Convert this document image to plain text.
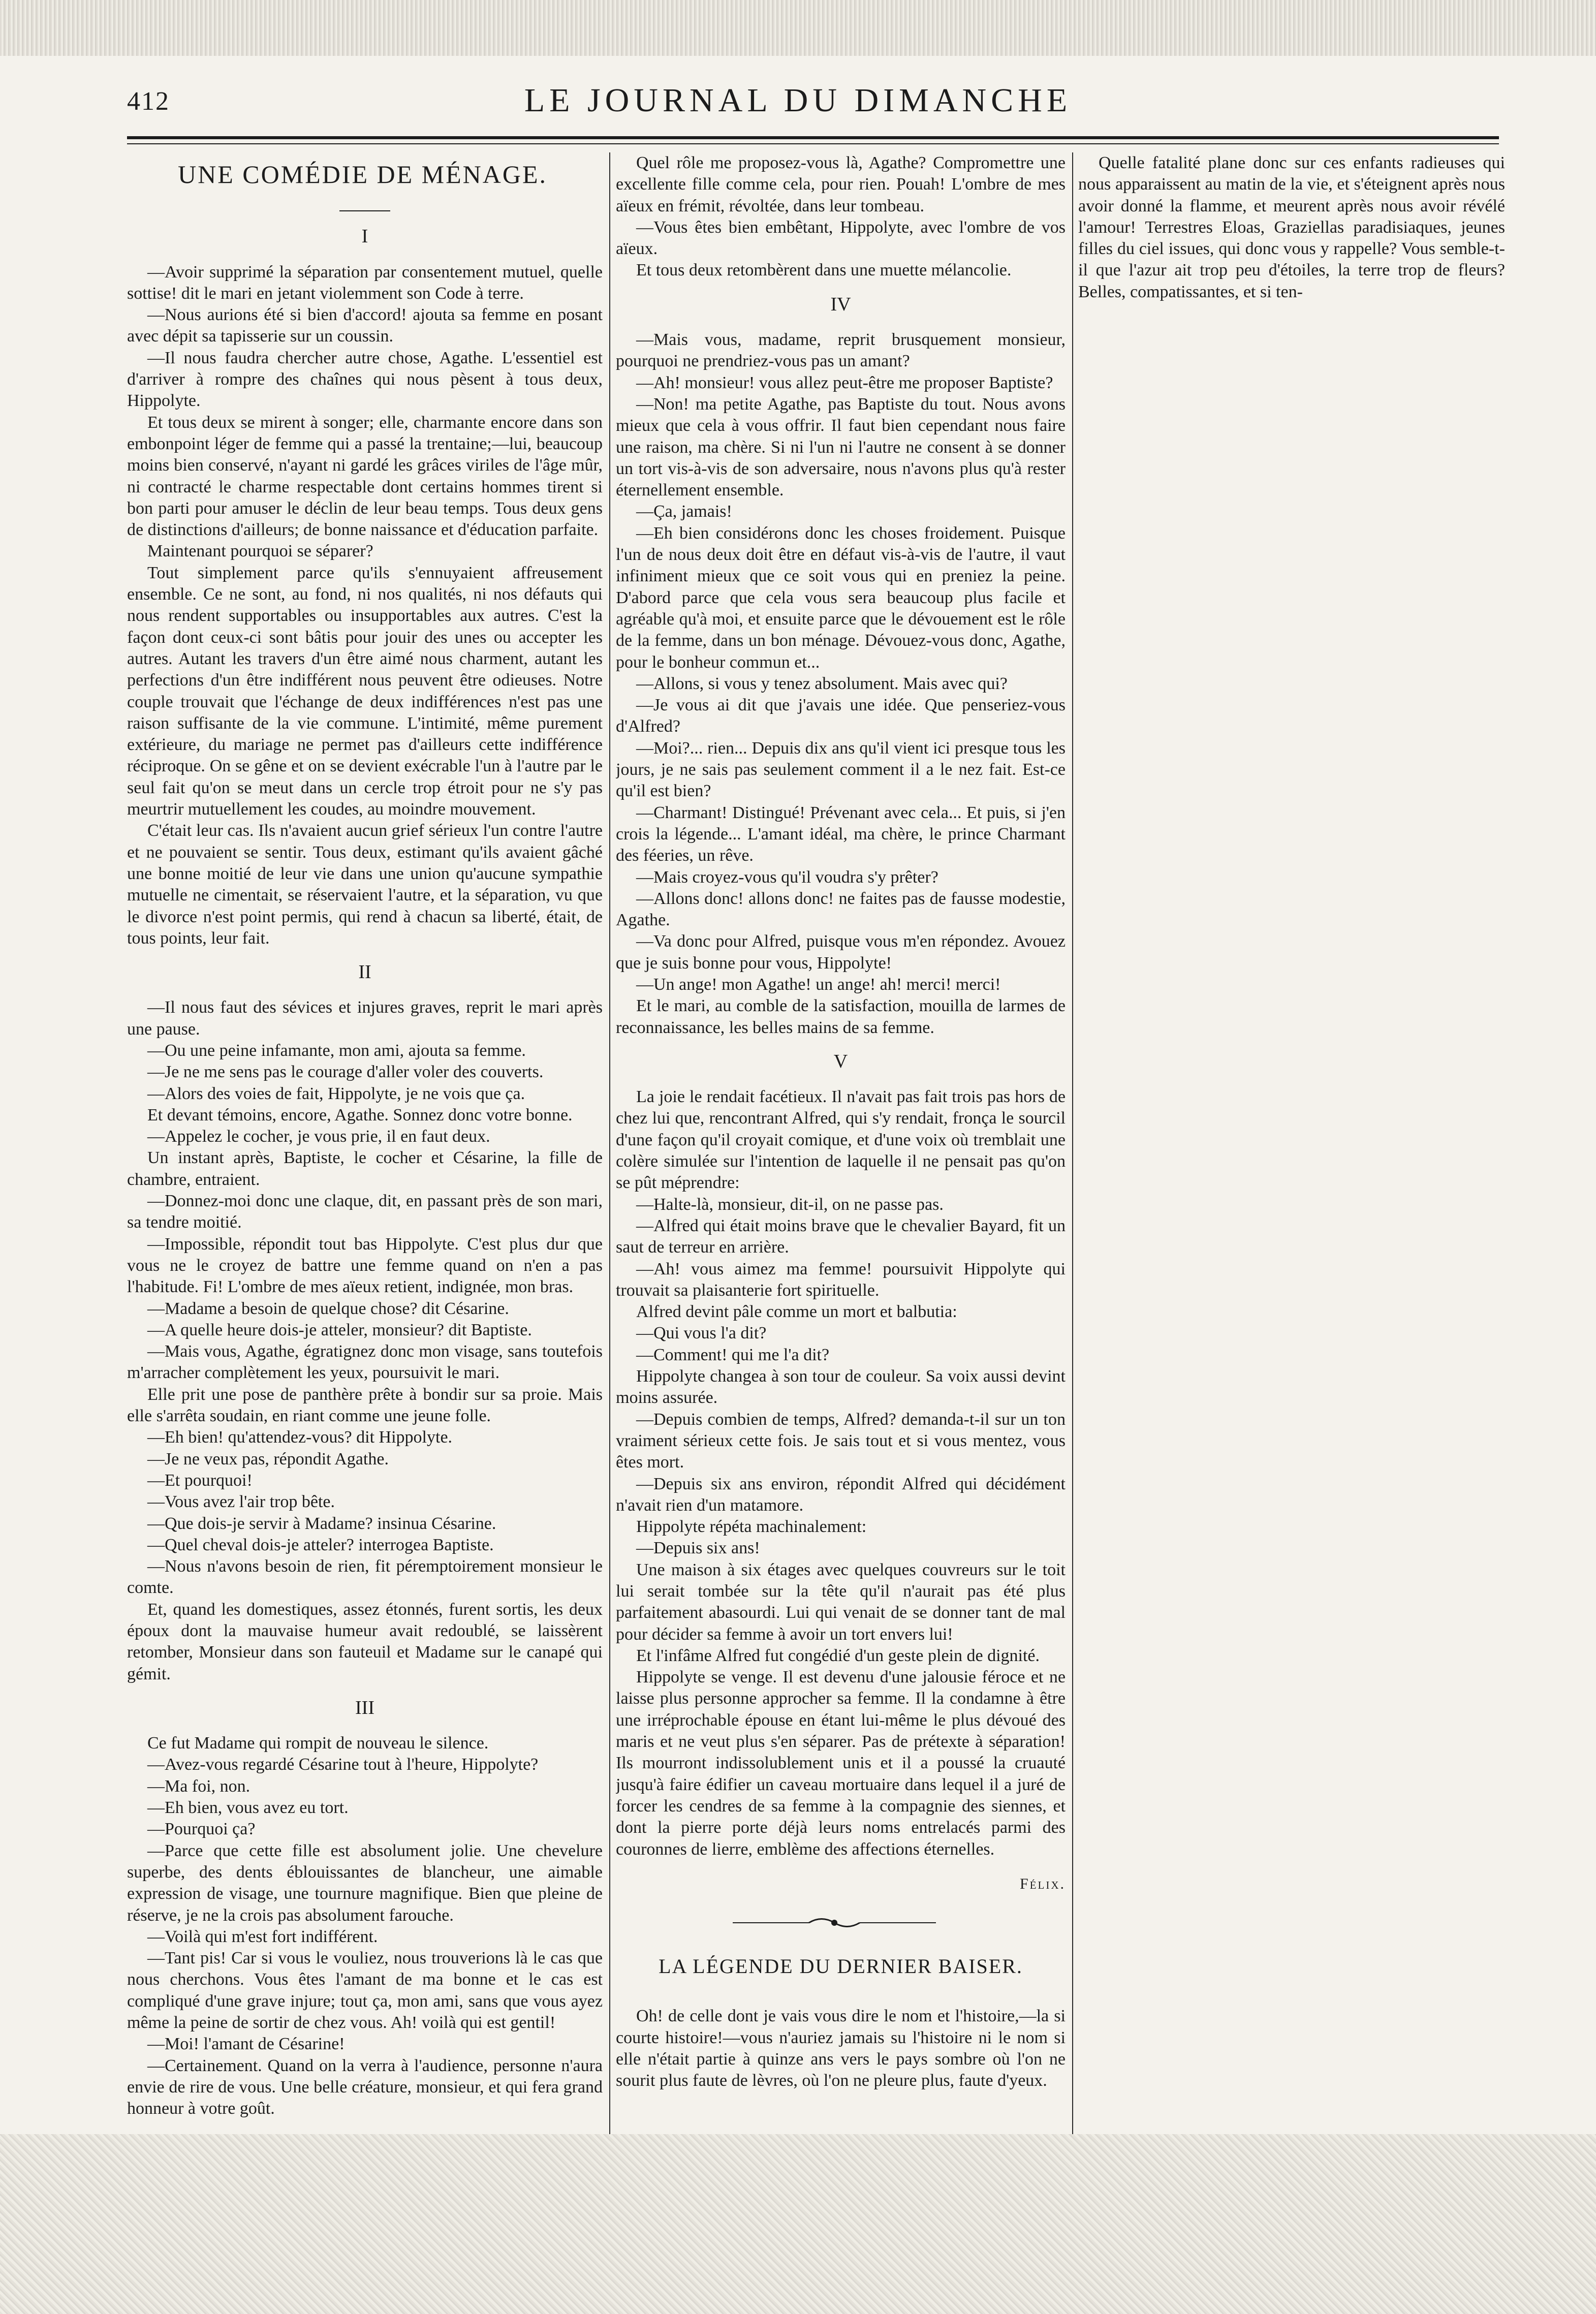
412	LE JOURNAL DU DIMANCHE
UNE COMÉDIE DE MÉNAGE.
I

—Avoir supprimé la séparation par consentement mutuel, quelle sottise! dit le mari en jetant violemment son Code à terre.

—Nous aurions été si bien d'accord! ajouta sa femme en posant avec dépit sa tapisserie sur un coussin.

—Il nous faudra chercher autre chose, Agathe. L'essentiel est d'arriver à rompre des chaînes qui nous pèsent à tous deux, Hippolyte.

Et tous deux se mirent à songer; elle, charmante encore dans son embonpoint léger de femme qui a passé la trentaine;—lui, beaucoup moins bien conservé, n'ayant ni gardé les grâces viriles de l'âge mûr, ni contracté le charme respectable dont certains hommes tirent si bon parti pour amuser le déclin de leur beau temps. Tous deux gens de distinctions d'ailleurs; de bonne naissance et d'éducation parfaite.

Maintenant pourquoi se séparer?

Tout simplement parce qu'ils s'ennuyaient affreusement ensemble. Ce ne sont, au fond, ni nos qualités, ni nos défauts qui nous rendent supportables ou insupportables aux autres. C'est la façon dont ceux-ci sont bâtis pour jouir des unes ou accepter les autres. Autant les travers d'un être aimé nous charment, autant les perfections d'un être indifférent nous peuvent être odieuses. Notre couple trouvait que l'échange de deux indifférences n'est pas une raison suffisante de la vie commune. L'intimité, même purement extérieure, du mariage ne permet pas d'ailleurs cette indifférence réciproque. On se gêne et on se devient exécrable l'un à l'autre par le seul fait qu'on se meut dans un cercle trop étroit pour ne s'y pas meurtrir mutuellement les coudes, au moindre mouvement.

C'était leur cas. Ils n'avaient aucun grief sérieux l'un contre l'autre et ne pouvaient se sentir. Tous deux, estimant qu'ils avaient gâché une bonne moitié de leur vie dans une union qu'aucune sympathie mutuelle ne cimentait, se réservaient l'autre, et la séparation, vu que le divorce n'est point permis, qui rend à chacun sa liberté, était, de tous points, leur fait.

II

—Il nous faut des sévices et injures graves, reprit le mari après une pause.

—Ou une peine infamante, mon ami, ajouta sa femme.

—Je ne me sens pas le courage d'aller voler des couverts.

—Alors des voies de fait, Hippolyte, je ne vois que ça.

Et devant témoins, encore, Agathe. Sonnez donc votre bonne.

—Appelez le cocher, je vous prie, il en faut deux.

Un instant après, Baptiste, le cocher et Césarine, la fille de chambre, entraient.

—Donnez-moi donc une claque, dit, en passant près de son mari, sa tendre moitié.

—Impossible, répondit tout bas Hippolyte. C'est plus dur que vous ne le croyez de battre une femme quand on n'en a pas l'habitude. Fi! L'ombre de mes aïeux retient, indignée, mon bras.

—Madame a besoin de quelque chose? dit Césarine.

—A quelle heure dois-je atteler, monsieur? dit Baptiste.

—Mais vous, Agathe, égratignez donc mon visage, sans toutefois m'arracher complètement les yeux, poursuivit le mari.

Elle prit une pose de panthère prête à bondir sur sa proie. Mais elle s'arrêta soudain, en riant comme une jeune folle.

—Eh bien! qu'attendez-vous? dit Hippolyte.

—Je ne veux pas, répondit Agathe.

—Et pourquoi!

—Vous avez l'air trop bête.

—Que dois-je servir à Madame? insinua Césarine.

—Quel cheval dois-je atteler? interrogea Baptiste.

—Nous n'avons besoin de rien, fit péremptoirement monsieur le comte.

Et, quand les domestiques, assez étonnés, furent sortis, les deux époux dont la mauvaise humeur avait redoublé, se laissèrent retomber, Monsieur dans son fauteuil et Madame sur le canapé qui gémit.

III

Ce fut Madame qui rompit de nouveau le silence.

—Avez-vous regardé Césarine tout à l'heure, Hippolyte?

—Ma foi, non.

—Eh bien, vous avez eu tort.

—Pourquoi ça?

—Parce que cette fille est absolument jolie. Une chevelure superbe, des dents éblouissantes de blancheur, une aimable expression de visage, une tournure magnifique. Bien que pleine de réserve, je ne la crois pas absolument farouche.

—Voilà qui m'est fort indifférent.

—Tant pis! Car si vous le vouliez, nous trouverions là le cas que nous cherchons. Vous êtes l'amant de ma bonne et le cas est compliqué d'une grave injure; tout ça, mon ami, sans que vous ayez même la peine de sortir de chez vous. Ah! voilà qui est gentil!

—Moi! l'amant de Césarine!

—Certainement. Quand on la verra à l'audience, personne n'aura envie de rire de vous. Une belle créature, monsieur, et qui fera grand honneur à votre goût.

Quel rôle me proposez-vous là, Agathe? Compromettre une excellente fille comme cela, pour rien. Pouah! L'ombre de mes aïeux en frémit, révoltée, dans leur tombeau.

—Vous êtes bien embêtant, Hippolyte, avec l'ombre de vos aïeux.

Et tous deux retombèrent dans une muette mélancolie.

IV

—Mais vous, madame, reprit brusquement monsieur, pourquoi ne prendriez-vous pas un amant?

—Ah! monsieur! vous allez peut-être me proposer Baptiste?

—Non! ma petite Agathe, pas Baptiste du tout. Nous avons mieux que cela à vous offrir. Il faut bien cependant nous faire une raison, ma chère. Si ni l'un ni l'autre ne consent à se donner un tort vis-à-vis de son adversaire, nous n'avons plus qu'à rester éternellement ensemble.

—Ça, jamais!

—Eh bien considérons donc les choses froidement. Puisque l'un de nous deux doit être en défaut vis-à-vis de l'autre, il vaut infiniment mieux que ce soit vous qui en preniez la peine. D'abord parce que cela vous sera beaucoup plus facile et agréable qu'à moi, et ensuite parce que le dévouement est le rôle de la femme, dans un bon ménage. Dévouez-vous donc, Agathe, pour le bonheur commun et...

—Allons, si vous y tenez absolument. Mais avec qui?

—Je vous ai dit que j'avais une idée. Que penseriez-vous d'Alfred?

—Moi?... rien... Depuis dix ans qu'il vient ici presque tous les jours, je ne sais pas seulement comment il a le nez fait. Est-ce qu'il est bien?

—Charmant! Distingué! Prévenant avec cela... Et puis, si j'en crois la légende... L'amant idéal, ma chère, le prince Charmant des féeries, un rêve.

—Mais croyez-vous qu'il voudra s'y prêter?

—Allons donc! allons donc! ne faites pas de fausse modestie, Agathe.

—Va donc pour Alfred, puisque vous m'en répondez. Avouez que je suis bonne pour vous, Hippolyte!

—Un ange! mon Agathe! un ange! ah! merci! merci!

Et le mari, au comble de la satisfaction, mouilla de larmes de reconnaissance, les belles mains de sa femme.

V

La joie le rendait facétieux. Il n'avait pas fait trois pas hors de chez lui que, rencontrant Alfred, qui s'y rendait, fronça le sourcil d'une façon qu'il croyait comique, et d'une voix où tremblait une colère simulée sur l'intention de laquelle il ne pensait pas qu'on se pût méprendre:

—Halte-là, monsieur, dit-il, on ne passe pas.

—Alfred qui était moins brave que le chevalier Bayard, fit un saut de terreur en arrière.

—Ah! vous aimez ma femme! poursuivit Hippolyte qui trouvait sa plaisanterie fort spirituelle.

Alfred devint pâle comme un mort et balbutia:

—Qui vous l'a dit?

—Comment! qui me l'a dit?

Hippolyte changea à son tour de couleur. Sa voix aussi devint moins assurée.

—Depuis combien de temps, Alfred? demanda-t-il sur un ton vraiment sérieux cette fois. Je sais tout et si vous mentez, vous êtes mort.

—Depuis six ans environ, répondit Alfred qui décidément n'avait rien d'un matamore.

Hippolyte répéta machinalement:

—Depuis six ans!

Une maison à six étages avec quelques couvreurs sur le toit lui serait tombée sur la tête qu'il n'aurait pas été plus parfaitement abasourdi. Lui qui venait de se donner tant de mal pour décider sa femme à avoir un tort envers lui!

Et l'infâme Alfred fut congédié d'un geste plein de dignité.

Hippolyte se venge. Il est devenu d'une jalousie féroce et ne laisse plus personne approcher sa femme. Il la condamne à être une irréprochable épouse en étant lui-même le plus dévoué des maris et ne veut plus s'en séparer. Pas de prétexte à séparation! Ils mourront indissolublement unis et il a poussé la cruauté jusqu'à faire édifier un caveau mortuaire dans lequel il a juré de forcer les cendres de sa femme à la compagnie des siennes, et dont la pierre porte déjà leurs noms entrelacés parmi des couronnes de lierre, emblème des affections éternelles.

Félix.
LA LÉGENDE DU DERNIER BAISER.

Oh! de celle dont je vais vous dire le nom et l'histoire,—la si courte histoire!—vous n'auriez jamais su l'histoire ni le nom si elle n'était partie à quinze ans vers le pays sombre où l'on ne sourit plus faute de lèvres, où l'on ne pleure plus, faute d'yeux.

Quelle fatalité plane donc sur ces enfants radieuses qui nous apparaissent au matin de la vie, et s'éteignent après nous avoir donné la flamme, et meurent après nous avoir révélé l'amour! Terrestres Eloas, Graziellas paradisiaques, jeunes filles du ciel issues, qui donc vous y rappelle? Vous semble-t-il que l'azur ait trop peu d'étoiles, la terre trop de fleurs? Belles, compatissantes, et si ten-
